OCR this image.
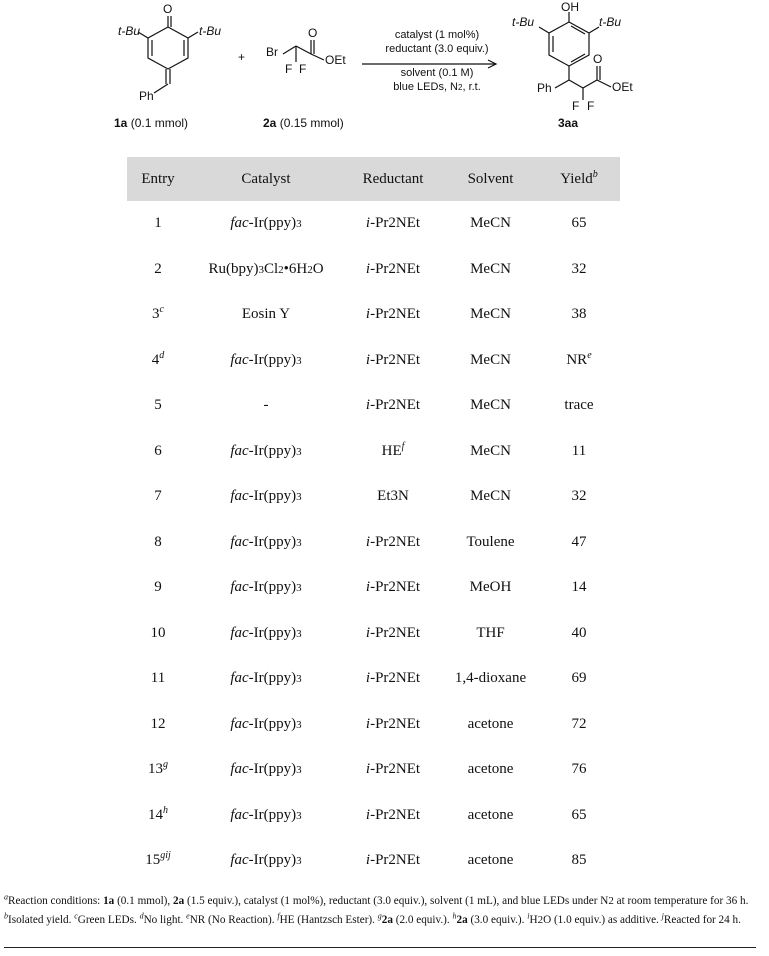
O
t-Bu	t-Bu
Ph
1a (0.1 mmol)
+ Br
F F
O
OEt
2a (0.15 mmol)
catalyst (1 mol%)
reductant (3.0 equiv.)
solvent (0.1 M)
blue LEDs, N2, r.t.
OH
t-Bu	t-Bu
Ph
F F
O
OEt
3aa
Entry	Catalyst	Reductant	Solvent	Yield$^b$
1	fac-Ir(ppy)3	i-Pr2NEt	MeCN	65
2	Ru(bpy)3Cl2•6H2O	i-Pr2NEt	MeCN	32
3$^c$	Eosin Y	i-Pr2NEt	MeCN	38
4$^d$	fac-Ir(ppy)3	i-Pr2NEt	MeCN	$NR^e$
5	-	i-Pr2NEt	MeCN	trace
6	fac-Ir(ppy)3	$HE^f$	MeCN	11
7	fac-Ir(ppy)3	Et3N	MeCN	32
8	fac-Ir(ppy)3	i-Pr2NEt	Toulene	47
9	fac-Ir(ppy)3	i-Pr2NEt	MeOH	14
10	fac-Ir(ppy)3	i-Pr2NEt	THF	40
11	fac-Ir(ppy)3	i-Pr2NEt	1,4-dioxane	69
12	fac-Ir(ppy)3	i-Pr2NEt	acetone	72
13$^g$	fac-Ir(ppy)3	i-Pr2NEt	acetone	76
14$^h$	fac-Ir(ppy)3	i-Pr2NEt	acetone	65
$15^{gij}$	fac-Ir(ppy)3	i-Pr2NEt	acetone	85
$^a$Reaction conditions: 1a (0.1 mmol), 2a (1.5 equiv.), catalyst (1 mol%), reductant (3.0 equiv.), solvent (1 mL), and blue LEDs under N2 at room temperature for 36 h. $^b$Isolated yield. $^c$Green LEDs. $^d$No light. $^e$NR (No Reaction). $^f$HE (Hantzsch Ester). $^g$2a (2.0 equiv.). $^h$2a (3.0 equiv.). $^i$H2O (1.0 equiv.) as additive. $^j$Reacted for 24 h.
